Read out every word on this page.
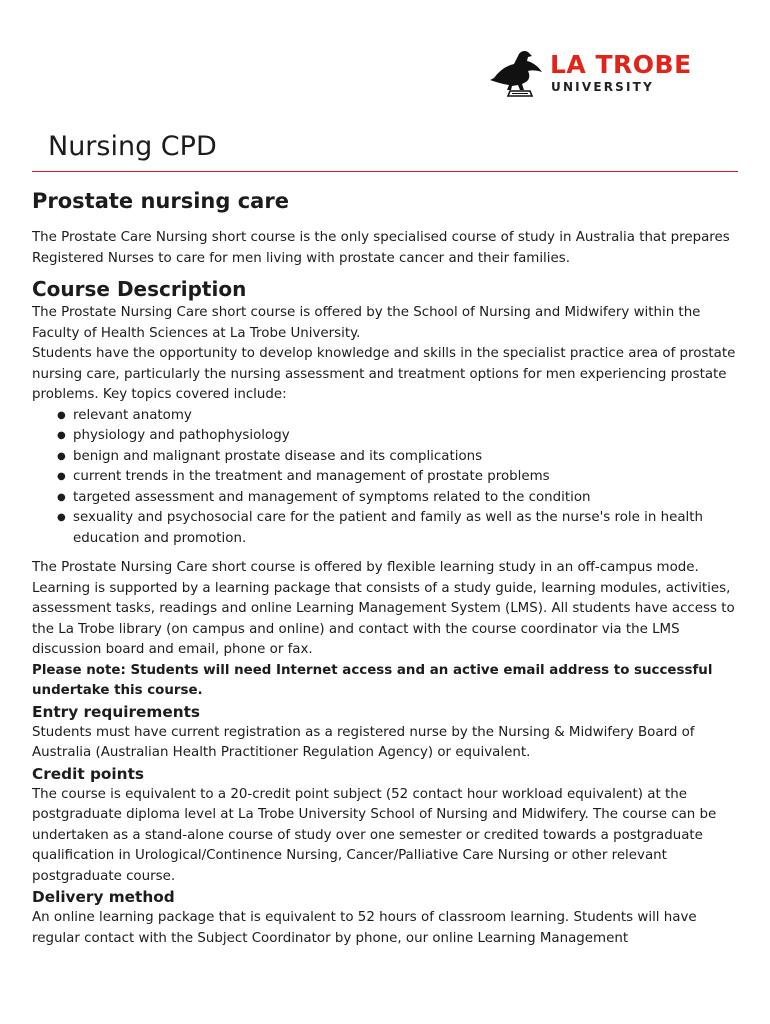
LA TROBE
UNIVERSITY
Nursing CPD
Prostate nursing care

The Prostate Care Nursing short course is the only specialised course of study in Australia that prepares Registered Nurses to care for men living with prostate cancer and their families.

Course Description

The Prostate Nursing Care short course is offered by the School of Nursing and Midwifery within the Faculty of Health Sciences at La Trobe University.

Students have the opportunity to develop knowledge and skills in the specialist practice area of prostate nursing care, particularly the nursing assessment and treatment options for men experiencing prostate problems. Key topics covered include:

● relevant anatomy
● physiology and pathophysiology
● benign and malignant prostate disease and its complications
● current trends in the treatment and management of prostate problems
● targeted assessment and management of symptoms related to the condition
● sexuality and psychosocial care for the patient and family as well as the nurse's role in health education and promotion.

The Prostate Nursing Care short course is offered by flexible learning study in an off-campus mode. Learning is supported by a learning package that consists of a study guide, learning modules, activities, assessment tasks, readings and online Learning Management System (LMS). All students have access to the La Trobe library (on campus and online) and contact with the course coordinator via the LMS discussion board and email, phone or fax.

Please note: Students will need Internet access and an active email address to successful undertake this course.

Entry requirements

Students must have current registration as a registered nurse by the Nursing & Midwifery Board of Australia (Australian Health Practitioner Regulation Agency) or equivalent.

Credit points

The course is equivalent to a 20-credit point subject (52 contact hour workload equivalent) at the postgraduate diploma level at La Trobe University School of Nursing and Midwifery. The course can be undertaken as a stand-alone course of study over one semester or credited towards a postgraduate qualification in Urological/Continence Nursing, Cancer/Palliative Care Nursing or other relevant postgraduate course.

Delivery method

An online learning package that is equivalent to 52 hours of classroom learning. Students will have regular contact with the Subject Coordinator by phone, our online Learning Management
